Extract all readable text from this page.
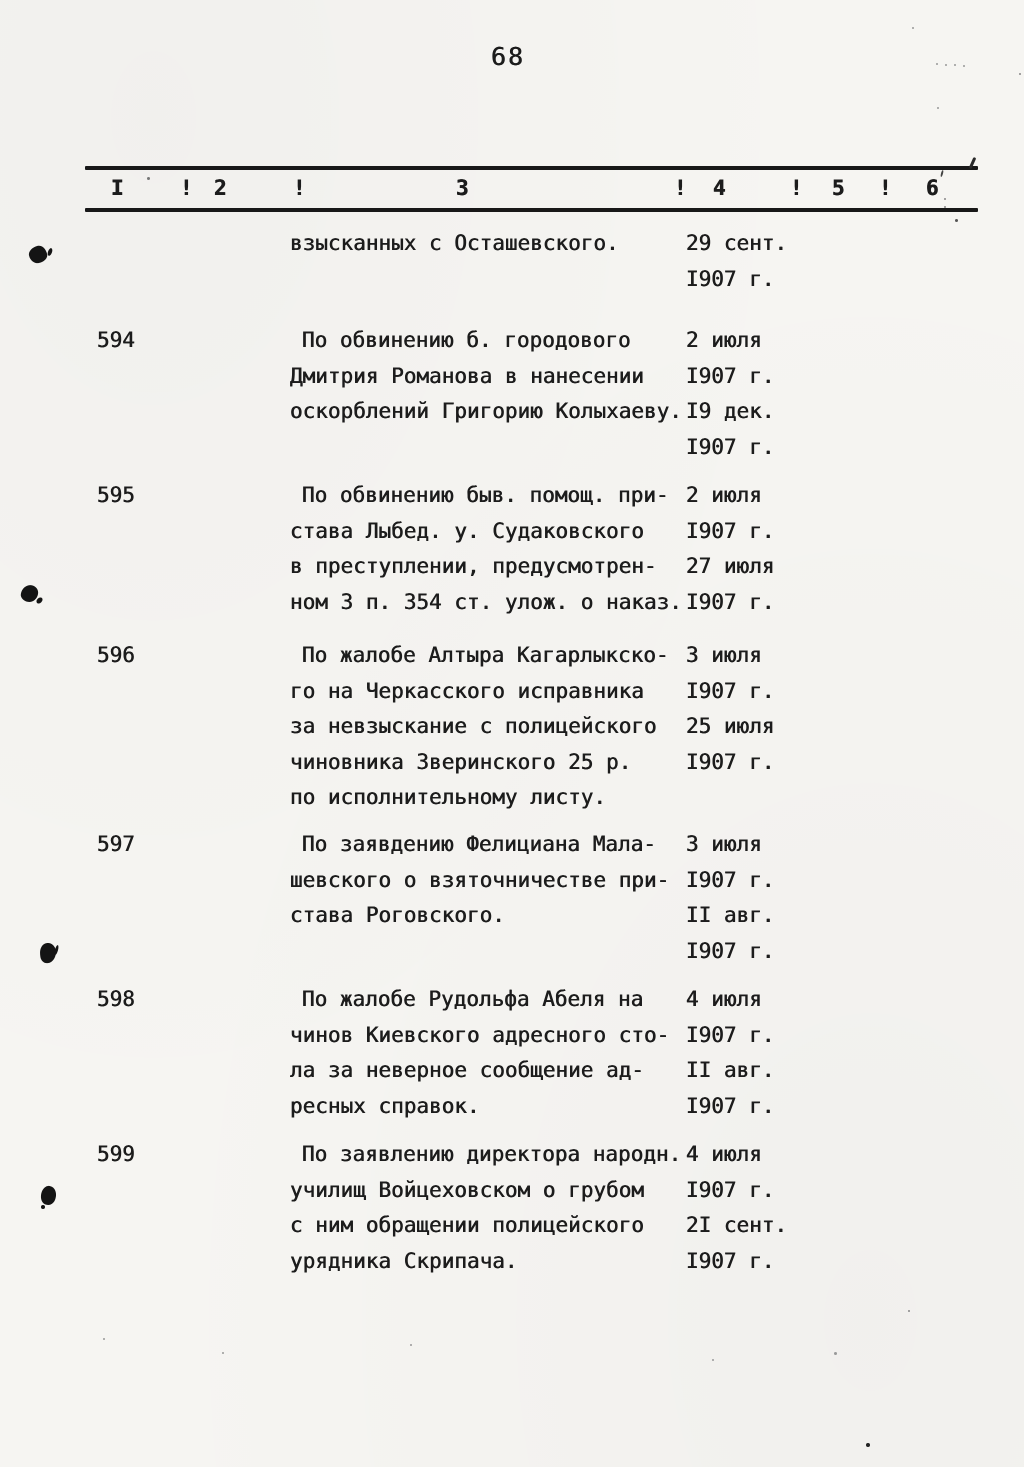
68
I	! 2	!	3	! 4	! 5 ! 6
взысканных с Осташевского.	29 сент.
I907 г.
594	По обвинению б. городового	2 июля
Дмитрия Романова в нанесении I907 г.
оскорблений Григорию Колыхаеву. I9 дек.
I907 г.
595	По обвинению быв. помощ. при- 2 июля
става Лыбед. у. Судаковского I907 г.
в преступлении, предусмотрен- 27 июля
ном 3 п. 354 ст. улож. о наказ. I907 г.
596	По жалобе Алтыра Кагарлыкско- 3 июля
го на Черкасского исправника I907 г.
за невзыскание с полицейского 25 июля
чиновника Зверинского 25 р.	I907 г.
по исполнительному листу.
597	По заявдению Фелициана Мала- 3 июля
шевского о взяточничестве при- I907 г.
става Роговского.	II авг.
I907 г.
598	По жалобе Рудольфа Абеля на 4 июля
чинов Киевского адресного сто- I907 г.
ла за неверное сообщение ад- II авг.
ресных справок.	I907 г.
599	По заявлению директора народн. 4 июля
училищ Войцеховском о грубом I907 г.
с ним обращении полицейского 2I сент.
урядника Скрипача.	I907 г.
